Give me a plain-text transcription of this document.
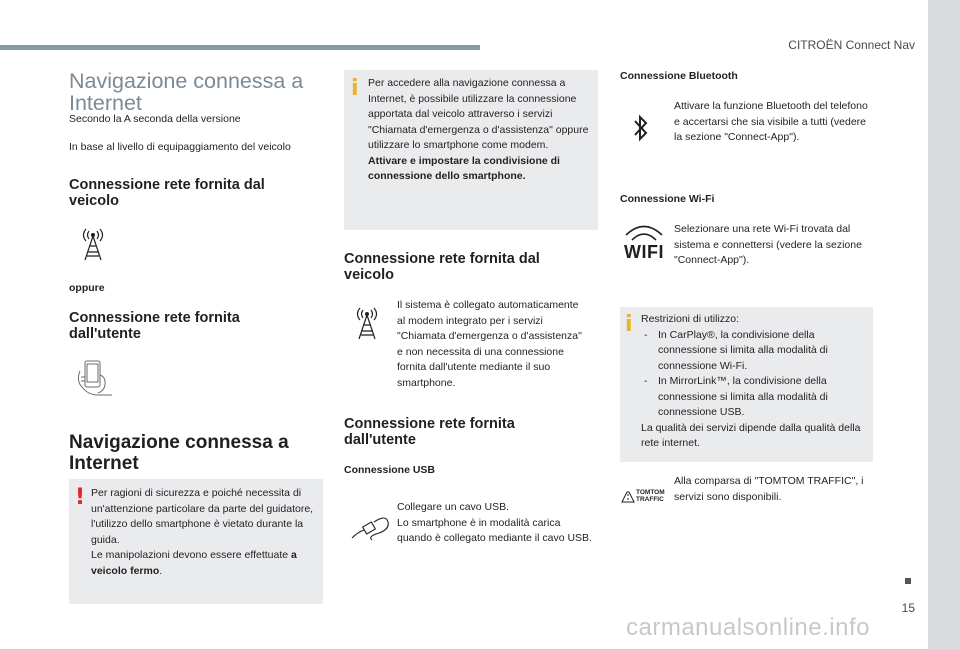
CITROËN Connect Nav
15
carmanualsonline.info
Navigazione connessa a Internet
Secondo la A seconda della versione
In base al livello di equipaggiamento del veicolo
Connessione rete fornita dal veicolo
oppure
Connessione rete fornita dall'utente
Navigazione connessa a Internet
! Per ragioni di sicurezza e poiché necessita di un'attenzione particolare da parte del guidatore, l'utilizzo dello smartphone è vietato durante la guida.
Le manipolazioni devono essere effettuate a veicolo fermo.
i Per accedere alla navigazione connessa a Internet, è possibile utilizzare la connessione apportata dal veicolo attraverso i servizi "Chiamata d'emergenza o d'assistenza" oppure utilizzare lo smartphone come modem.
Attivare e impostare la condivisione di connessione dello smartphone.
Connessione rete fornita dal veicolo
Il sistema è collegato automaticamente al modem integrato per i servizi "Chiamata d'emergenza o d'assistenza" e non necessita di una connessione fornita dall'utente mediante il suo smartphone.
Connessione rete fornita dall'utente
Connessione USB
Collegare un cavo USB.
Lo smartphone è in modalità carica quando è collegato mediante il cavo USB.
Connessione Bluetooth
Attivare la funzione Bluetooth del telefono e accertarsi che sia visibile a tutti (vedere la sezione "Connect-App").
Connessione Wi-Fi
WIFI
Selezionare una rete Wi-Fi trovata dal sistema e connettersi (vedere la sezione "Connect-App").
i Restrizioni di utilizzo:
- In CarPlay®, la condivisione della connessione si limita alla modalità di connessione Wi-Fi.
- In MirrorLink™, la condivisione della connessione si limita alla modalità di connessione USB.
La qualità dei servizi dipende dalla qualità della rete internet.
TOMTOM
TRAFFIC
Alla comparsa di "TOMTOM TRAFFIC", i servizi sono disponibili.
